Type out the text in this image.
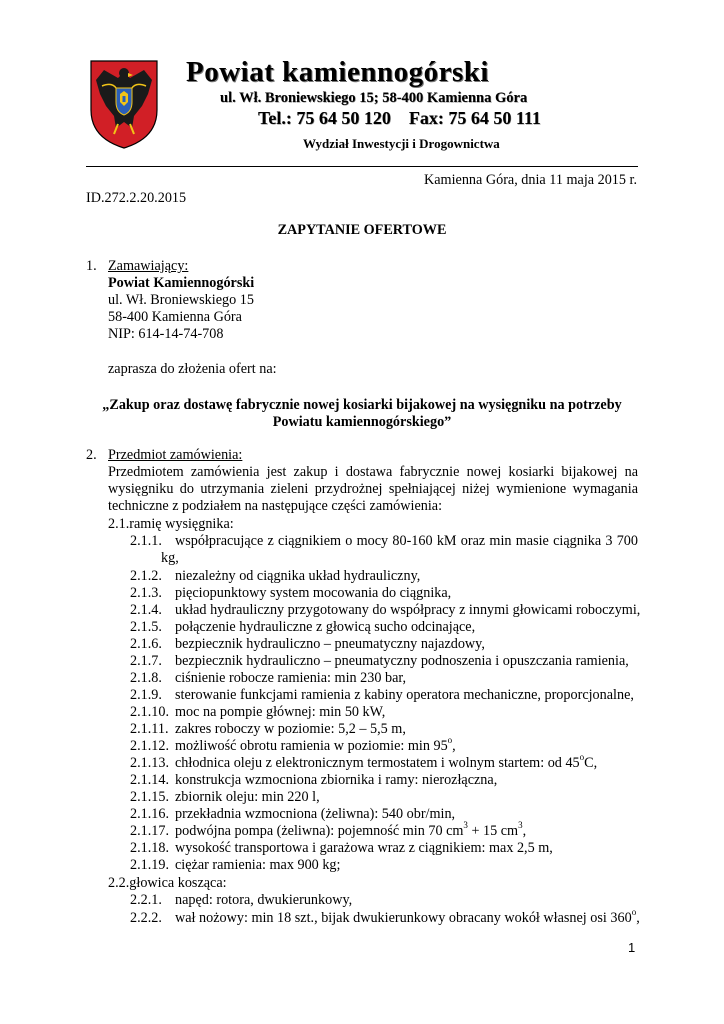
Powiat kamiennogórski
ul. Wł. Broniewskiego 15; 58-400 Kamienna Góra
Tel.: 75 64 50 120 Fax: 75 64 50 111
Wydział Inwestycji i Drogownictwa
Kamienna Góra, dnia 11 maja 2015 r.
ID.272.2.20.2015
ZAPYTANIE OFERTOWE
1. Zamawiający:
Powiat Kamiennogórski
ul. Wł. Broniewskiego 15
58-400 Kamienna Góra
NIP: 614-14-74-708
zaprasza do złożenia ofert na:
„Zakup oraz dostawę fabrycznie nowej kosiarki bijakowej na wysięgniku na potrzeby
Powiatu kamiennogórskiego”
2. Przedmiot zamówienia:
Przedmiotem zamówienia jest zakup i dostawa fabrycznie nowej kosiarki bijakowej na
wysięgniku do utrzymania zieleni przydrożnej spełniającej niżej wymienione wymagania
techniczne z podziałem na następujące części zamówienia:
2.1.ramię wysięgnika:
2.1.1. współpracujące z ciągnikiem o mocy 80-160 kM oraz min masie ciągnika 3 700
kg,
2.1.2. niezależny od ciągnika układ hydrauliczny,
2.1.3. pięciopunktowy system mocowania do ciągnika,
2.1.4. układ hydrauliczny przygotowany do współpracy z innymi głowicami roboczymi,
2.1.5. połączenie hydrauliczne z głowicą sucho odcinające,
2.1.6. bezpiecznik hydrauliczno – pneumatyczny najazdowy,
2.1.7. bezpiecznik hydrauliczno – pneumatyczny podnoszenia i opuszczania ramienia,
2.1.8. ciśnienie robocze ramienia: min 230 bar,
2.1.9. sterowanie funkcjami ramienia z kabiny operatora mechaniczne, proporcjonalne,
2.1.10. moc na pompie głównej: min 50 kW,
2.1.11. zakres roboczy w poziomie: 5,2 – 5,5 m,
2.1.12. możliwość obrotu ramienia w poziomie: min 95$^o$,
2.1.13. chłodnica oleju z elektronicznym termostatem i wolnym startem: od 45$^o$C,
2.1.14. konstrukcja wzmocniona zbiornika i ramy: nierozłączna,
2.1.15. zbiornik oleju: min 220 l,
2.1.16. przekładnia wzmocniona (żeliwna): 540 obr/min,
2.1.17. podwójna pompa (żeliwna): pojemność min 70 $cm^3 + 15$ $cm^3$,
2.1.18. wysokość transportowa i garażowa wraz z ciągnikiem: max 2,5 m,
2.1.19. ciężar ramienia: max 900 kg;
2.2.głowica kosząca:
2.2.1. napęd: rotora, dwukierunkowy,
2.2.2. wał nożowy: min 18 szt., bijak dwukierunkowy obracany wokół własnej osi 360$^o$,
1
